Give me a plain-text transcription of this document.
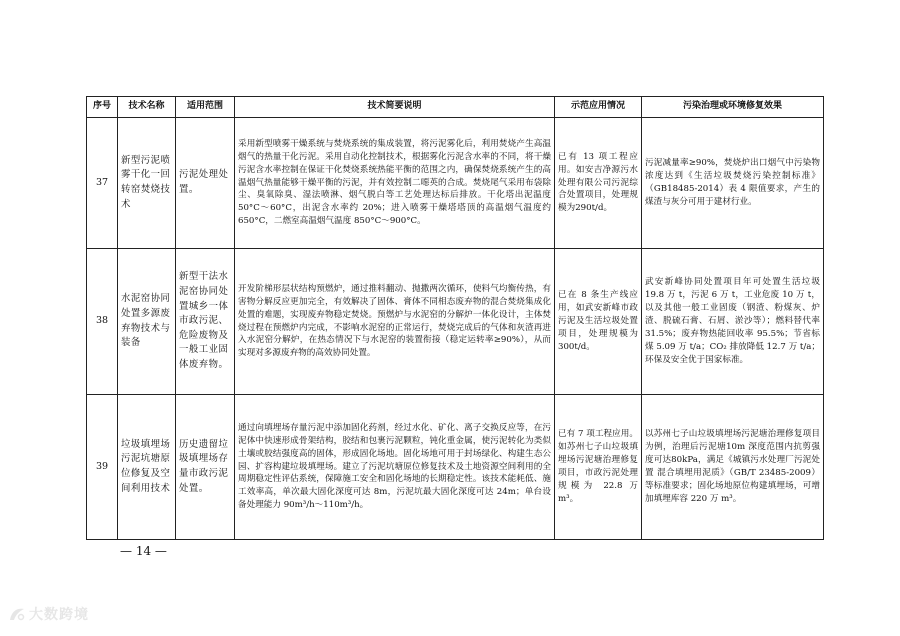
序号	技术名称	适用范围	技术简要说明	示范应用情况	污染治理或环境修复效果
37	新型污泥喷雾干化一回转窑焚烧技术	污泥处理处置。	采用新型喷雾干燥系统与焚烧系统的集成装置，将污泥雾化后，利用焚烧产生高温烟气的热量干化污泥。采用自动化控制技术，根据雾化污泥含水率的不同，将干燥污泥含水率控制在保证干化焚烧系统热能平衡的范围之内，确保焚烧系统产生的高温烟气热量能够干燥平衡的污泥，并有效控制二噁英的合成。焚烧尾气采用布袋除尘、臭氧除臭、湿法喷淋、烟气脱白等工艺处理达标后排放。干化塔出泥温度 50°C～60°C，出泥含水率约 20%；进入喷雾干燥塔塔顶的高温烟气温度约 650°C，二燃室高温烟气温度 850°C～900°C。	已有 13 项工程应用。如安吉净源污水处理有限公司污泥综合处置项目，处理规模为290t/d。	污泥减量率≥90%，焚烧炉出口烟气中污染物浓度达到《生活垃圾焚烧污染控制标准》（GB18485-2014）表 4 限值要求，产生的煤渣与灰分可用于建材行业。
38	水泥窑协同处置多源废弃物技术与装备	新型干法水泥窑协同处置城乡一体市政污泥、危险废物及一般工业固体废弃物。	开发阶梯形层状结构预燃炉，通过推料翻动、抛撒两次循环，使料气均衡传热，有害物分解反应更加完全，有效解决了固体、膏体不同相态废弃物的混合焚烧集成化处置的难题，实现废弃物稳定焚烧。预燃炉与水泥窑的分解炉一体化设计，主体焚烧过程在预燃炉内完成，不影响水泥窑的正常运行，焚烧完成后的气体和灰渣再进入水泥窑分解炉，在热态情况下与水泥窑的装置衔接（稳定运转率≥90%），从而实现对多源废弃物的高效协同处置。	已在 8 条生产线应用，如武安新峰市政污泥及生活垃圾处置项目，处理规模为 300t/d。	武安新峰协同处置项目年可处置生活垃圾 19.8 万 t，污泥 6 万 t，工业危废 10 万 t，以及其他一般工业固废（钢渣、粉煤灰、炉渣、脱硫石膏、石屑、淤沙等）；燃料替代率 31.5%；废弃物热能回收率 95.5%；节省标煤 5.09 万 t/a；CO₂ 排放降低 12.7 万 t/a；环保及安全优于国家标准。
39	垃圾填埋场污泥坑塘原位修复及空间利用技术	历史遗留垃圾填埋场存量市政污泥处置。	通过向填埋场存量污泥中添加固化药剂，经过水化、矿化、离子交换反应等，在污泥体中快速形成骨架结构，胶结和包裹污泥颗粒，钝化重金属，使污泥转化为类似土壤或胶结强度高的固体，形成固化场地。固化场地可用于封场绿化、构建生态公园、扩容构建垃圾填埋场。建立了污泥坑塘原位修复技术及土地资源空间利用的全周期稳定性评估系统，保障施工安全和固化场地的长期稳定性。该技术能耗低、施工效率高，单次最大固化深度可达 8m，污泥坑最大固化深度可达 24m；单台设备处理能力 90m³/h～110m³/h。	已有 7 项工程应用。如苏州七子山垃圾填埋场污泥塘治理修复项目，市政污泥处理规模为 22.8 万 m³。	以苏州七子山垃圾填埋场污泥塘治理修复项目为例，治理后污泥塘10m 深度范围内抗剪强度可达80kPa，满足《城镇污水处理厂污泥处置 混合填埋用泥质》（GB/T 23485-2009）等标准要求；固化场地原位构建填埋场，可增加填埋库容 220 万 m³。
— 14 —
大数跨境
